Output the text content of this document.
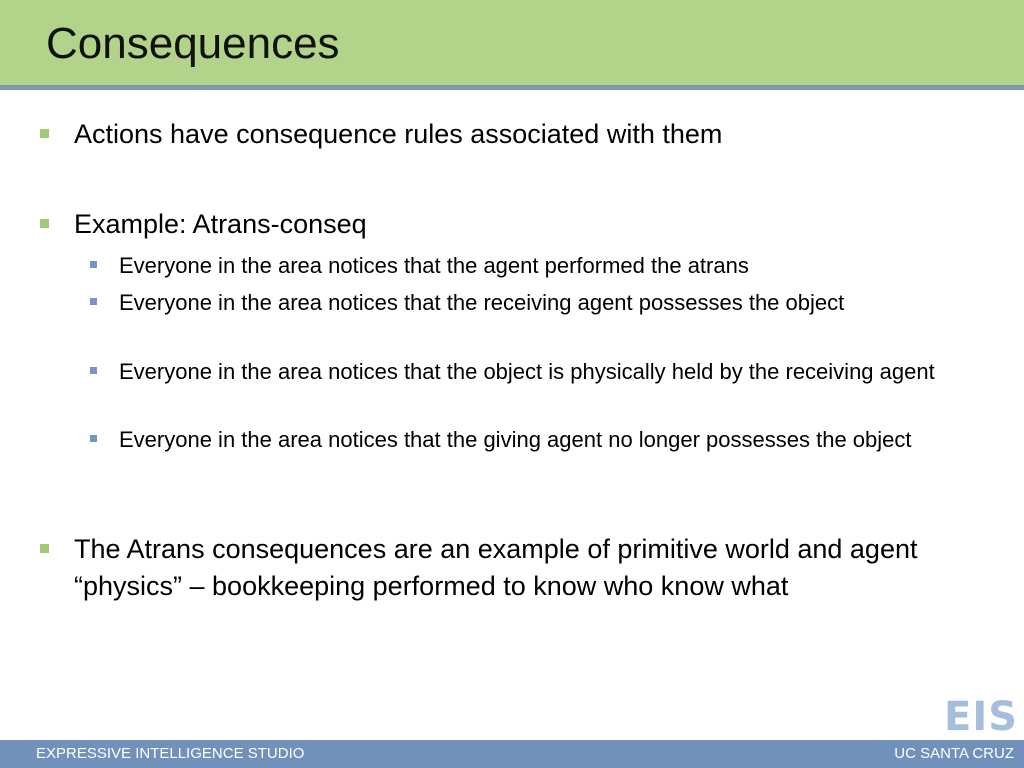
Consequences
Actions have consequence rules associated with them
Example: Atrans-conseq
Everyone in the area notices that the agent performed the atrans
Everyone in the area notices that the receiving agent possesses the object
Everyone in the area notices that the object is physically held by the receiving agent
Everyone in the area notices that the giving agent no longer possesses the object
The Atrans consequences are an example of primitive world and agent “physics” – bookkeeping performed to know who know what
EIS
EXPRESSIVE INTELLIGENCE STUDIO	UC SANTA CRUZ
